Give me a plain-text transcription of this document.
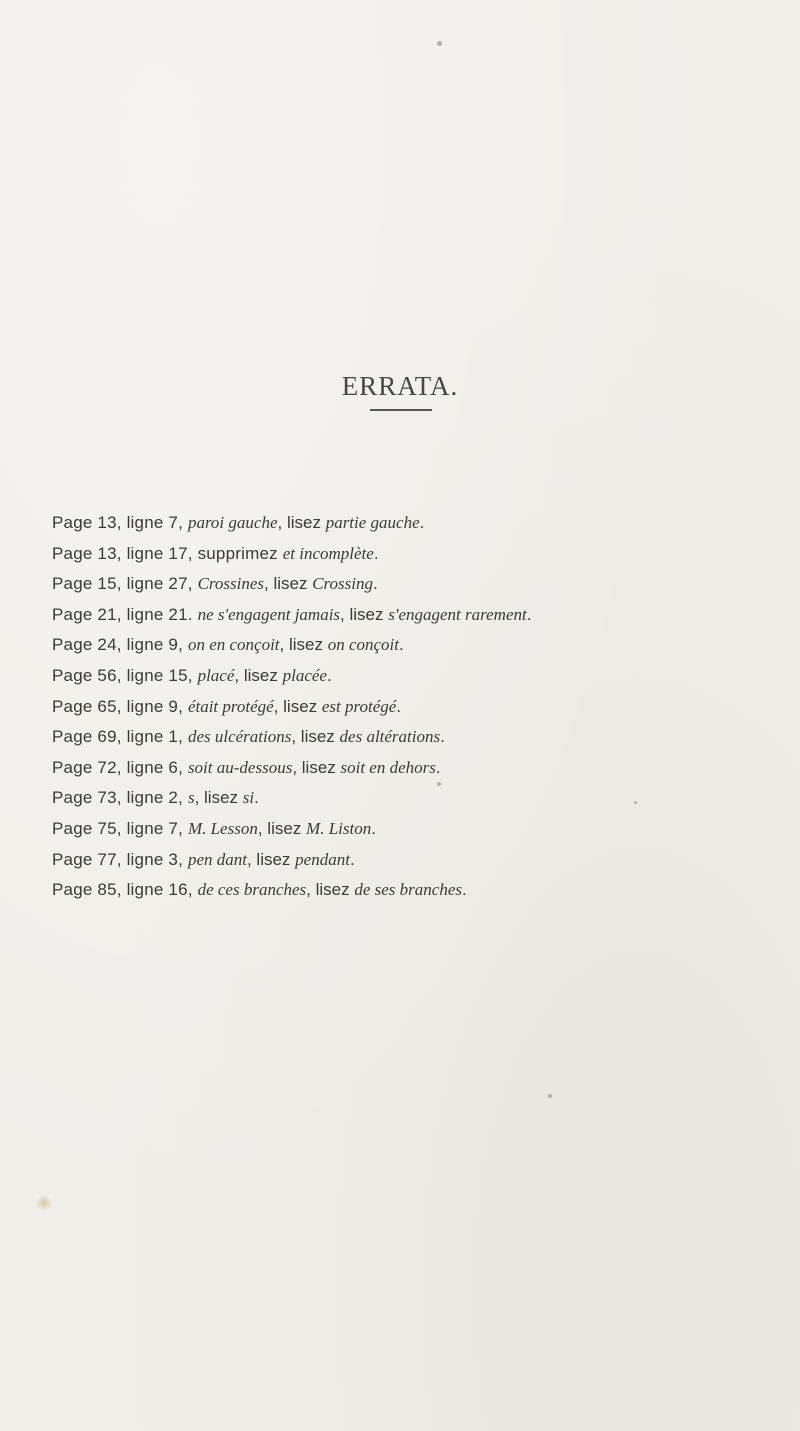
ERRATA.
Page 13, ligne 7, paroi gauche, lisez partie gauche.
Page 13, ligne 17, supprimez et incomplète.
Page 15, ligne 27, Crossines, lisez Crossing.
Page 21, ligne 21. ne s'engagent jamais, lisez s'engagent rarement.
Page 24, ligne 9, on en conçoit, lisez on conçoit.
Page 56, ligne 15, placé, lisez placée.
Page 65, ligne 9, était protégé, lisez est protégé.
Page 69, ligne 1, des ulcérations, lisez des altérations.
Page 72, ligne 6, soit au-dessous, lisez soit en dehors.
Page 73, ligne 2, s, lisez si.
Page 75, ligne 7, M. Lesson, lisez M. Liston.
Page 77, ligne 3, pen dant, lisez pendant.
Page 85, ligne 16, de ces branches, lisez de ses branches.
